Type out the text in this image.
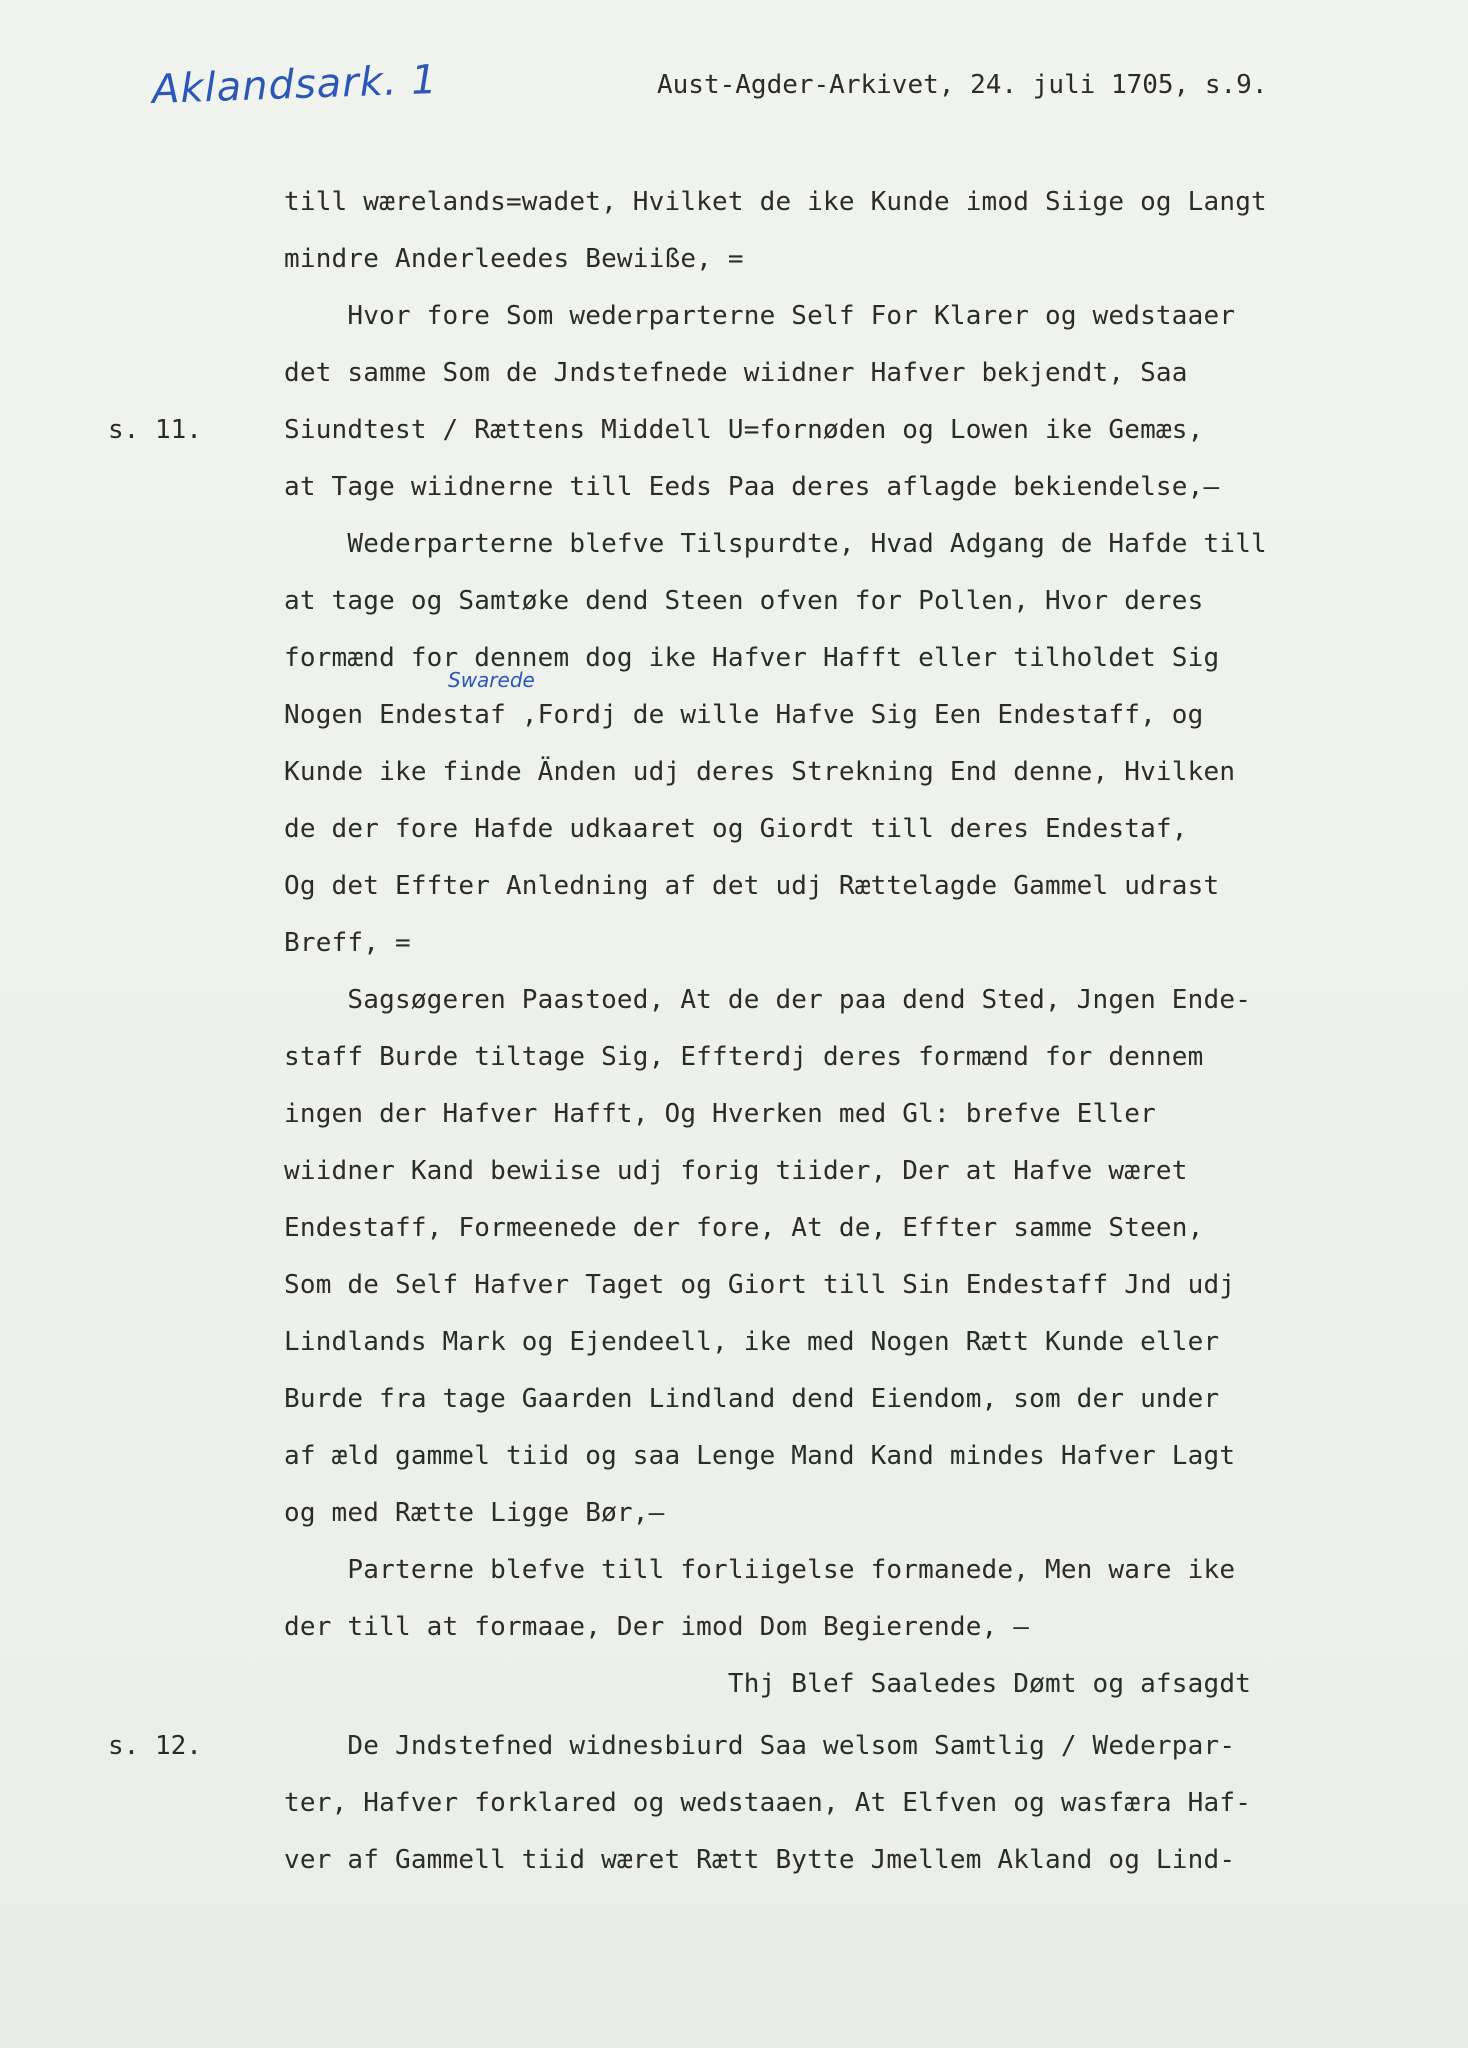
Aklandsark. 1	Aust-Agder-Arkivet, 24. juli 1705, s.9.
s. 11.
s. 12.
Swarede
till wærelands=wadet, Hvilket de ike Kunde imod Siige og Langt
mindre Anderleedes Bewiiße, =
Hvor fore Som wederparterne Self For Klarer og wedstaaer
det samme Som de Jndstefnede wiidner Hafver bekjendt, Saa
Siundtest / Rættens Middell U=fornøden og Lowen ike Gemæs,
at Tage wiidnerne till Eeds Paa deres aflagde bekiendelse,—
Wederparterne blefve Tilspurdte, Hvad Adgang de Hafde till
at tage og Samtøke dend Steen ofven for Pollen, Hvor deres
formænd for dennem dog ike Hafver Hafft eller tilholdet Sig
Nogen Endestaf ,Fordj de wille Hafve Sig Een Endestaff, og
Kunde ike finde Änden udj deres Strekning End denne, Hvilken
de der fore Hafde udkaaret og Giordt till deres Endestaf,
Og det Effter Anledning af det udj Rættelagde Gammel udrast
Breff, =
Sagsøgeren Paastoed, At de der paa dend Sted, Jngen Ende-
staff Burde tiltage Sig, Effterdj deres formænd for dennem
ingen der Hafver Hafft, Og Hverken med Gl: brefve Eller
wiidner Kand bewiise udj forig tiider, Der at Hafve wæret
Endestaff, Formeenede der fore, At de, Effter samme Steen,
Som de Self Hafver Taget og Giort till Sin Endestaff Jnd udj
Lindlands Mark og Ejendeell, ike med Nogen Rætt Kunde eller
Burde fra tage Gaarden Lindland dend Eiendom, som der under
af æld gammel tiid og saa Lenge Mand Kand mindes Hafver Lagt
og med Rætte Ligge Bør,—
Parterne blefve till forliigelse formanede, Men ware ike
der till at formaae, Der imod Dom Begierende, —
Thj Blef Saaledes Dømt og afsagdt
De Jndstefned widnesbiurd Saa welsom Samtlig / Wederpar-
ter, Hafver forklared og wedstaaen, At Elfven og wasfæra Haf-
ver af Gammell tiid wæret Rætt Bytte Jmellem Akland og Lind-
